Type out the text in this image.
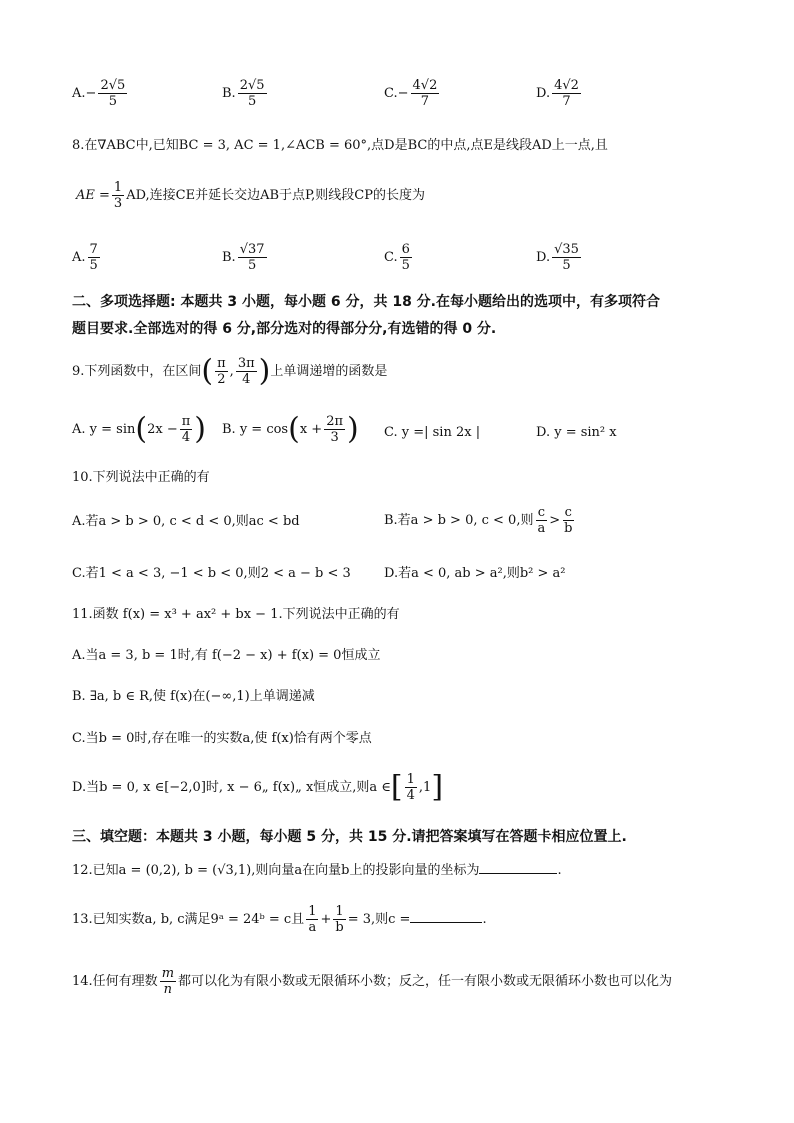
$A.- \frac{2√5}{5}$	B. $\frac{2√5}{5}$	$C.- \frac{4√2}{7}$	D. $\frac{4√2}{7}$
8.在∇ABC中,已知BC = 3, AC = 1,∠ACB = 60°,点D是BC的中点,点E是线段AD上一点,且
AE = $\frac{1}{3}$ AD,连接CE并延长交边AB于点P,则线段CP的长度为
A. $\frac{7}{5}$	B. $\frac{√37}{5}$	C. $\frac{6}{5}$	D. $\frac{√35}{5}$
二、多项选择题: 本题共 3 小题，每小题 6 分，共 18 分.在每小题给出的选项中，有多项符合
题目要求.全部选对的得 6 分,部分选对的得部分分,有选错的得 0 分.
9.下列函数中，在区间( $\frac{\pi}{2}$ , $\frac{3\pi}{4}$ )上单调递增的函数是
A. $y = \sin(2x - \frac{\pi}{4}$ ) B. $y = \cos(x + \frac{2\pi}{3}$ ) C. y =| sin 2x |	D. y = sin² x
10.下列说法中正确的有
A.若a > b > 0, c < d < 0,则ac < bd	B.若a > b > 0, c < 0,则 $\frac{c}{a} > \frac{c}{b}$
C.若1 < a < 3, −1 < b < 0,则2 < a − b < 3	D.若a < 0, ab > a²,则b² > a²
11.函数 f(x) = x³ + ax² + bx − 1.下列说法中正确的有
A.当a = 3, b = 1时,有 f(−2 − x) + f(x) = 0恒成立
B. ∃a, b ∈ R,使 f(x)在(−∞,1)上单调递减
C.当b = 0时,存在唯一的实数a,使 f(x)恰有两个零点
D.当b = 0, x ∈[−2,0]时, x − 6„ f(x)„ x恒成立,则a ∈[ $\frac{1}{4} ,1$]
三、填空题：本题共 3 小题，每小题 5 分，共 15 分.请把答案填写在答题卡相应位置上.
12.已知a = (0,2), b = (√3,1),则向量a在向量b上的投影向量的坐标为	.
13.已知实数a, b, c满足9ᵃ = 24ᵇ = c且 $\frac{1}{a} + \frac{1}{b} = 3$,则c =	.
14.任何有理数 $\frac{m}{n}$ 都可以化为有限小数或无限循环小数；反之，任一有限小数或无限循环小数也可以化为
